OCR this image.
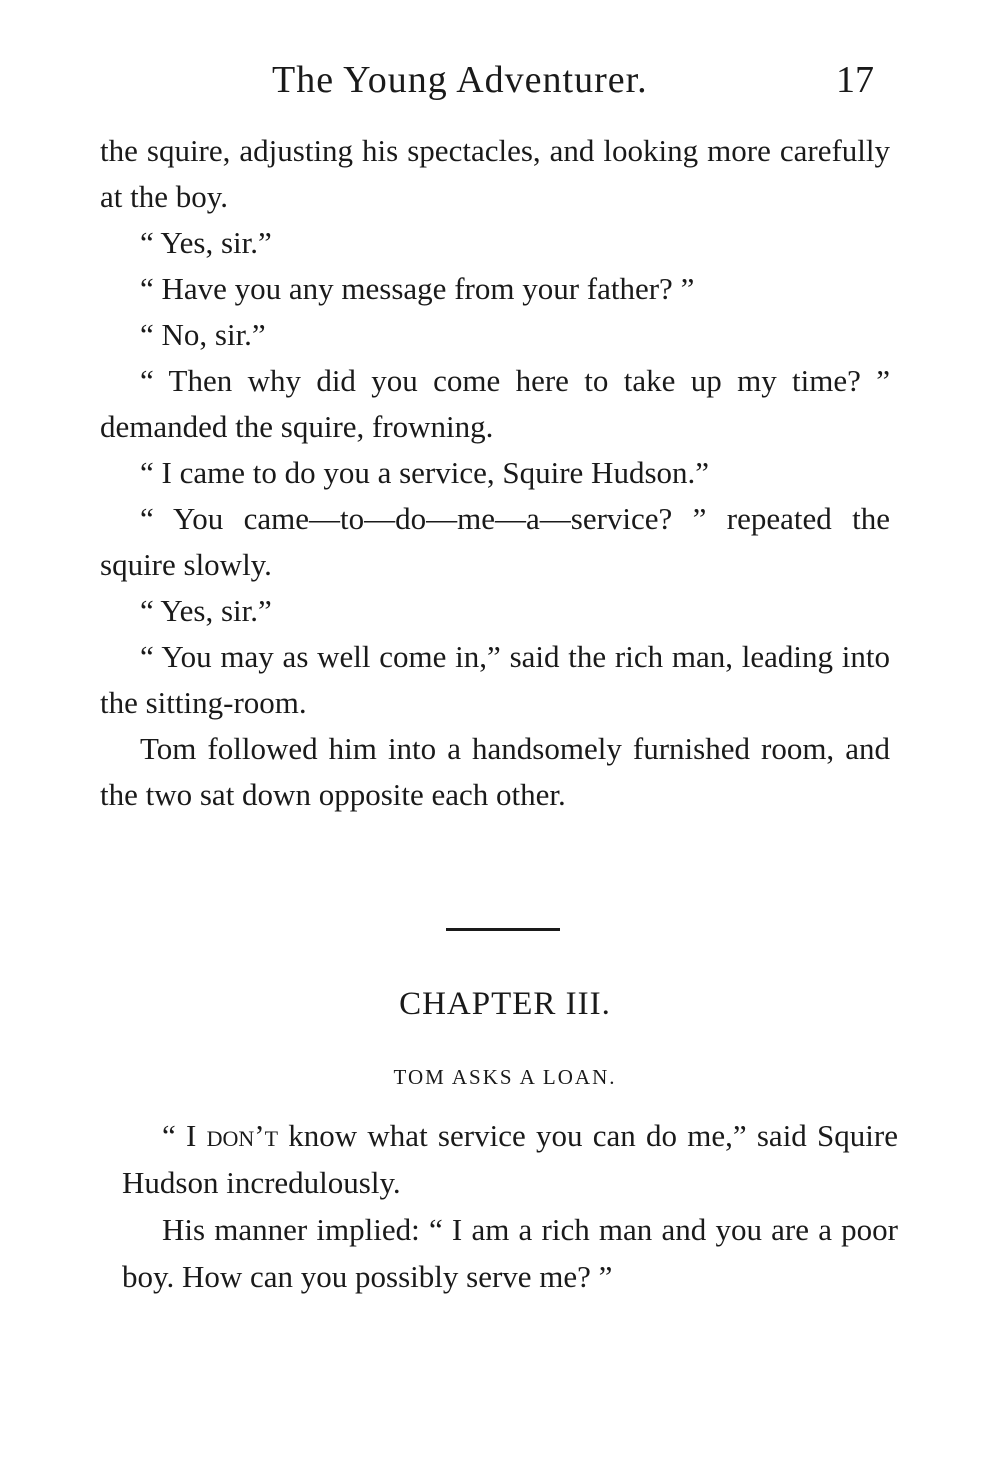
The Young Adventurer.	17

the squire, adjusting his spectacles, and looking more carefully at the boy.

“ Yes, sir.”

“ Have you any message from your father? ”

“ No, sir.”

“ Then why did you come here to take up my time? ” demanded the squire, frowning.

“ I came to do you a service, Squire Hudson.”

“ You came—to—do—me—a—service? ” repeated the squire slowly.

“ Yes, sir.”

“ You may as well come in,” said the rich man, leading into the sitting-room.

Tom followed him into a handsomely furnished room, and the two sat down opposite each other.

CHAPTER III.
TOM ASKS A LOAN.

“ I don’t know what service you can do me,” said Squire Hudson incredulously.

His manner implied: “ I am a rich man and you are a poor boy. How can you possibly serve me? ”
